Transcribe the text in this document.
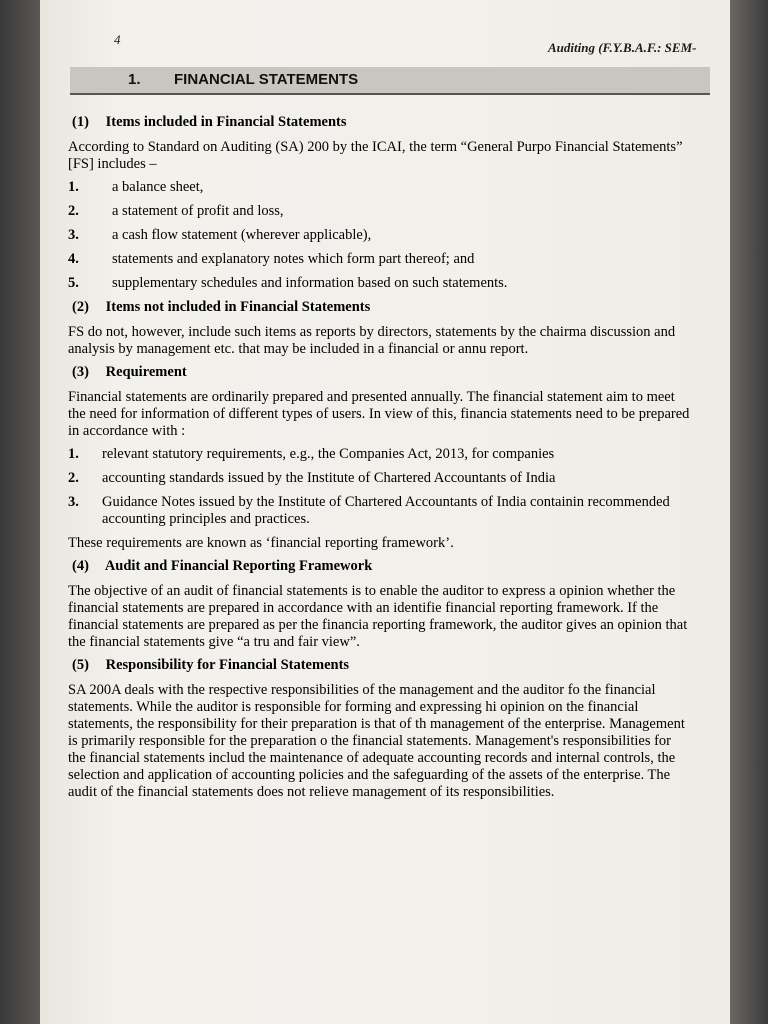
4
Auditing (F.Y.B.A.F.: SEM-
1. FINANCIAL STATEMENTS
(1) Items included in Financial Statements

According to Standard on Auditing (SA) 200 by the ICAI, the term “General Purpo Financial Statements” [FS] includes –

1. a balance sheet,
2. a statement of profit and loss,
3. a cash flow statement (wherever applicable),
4. statements and explanatory notes which form part thereof; and
5. supplementary schedules and information based on such statements.
(2) Items not included in Financial Statements

FS do not, however, include such items as reports by directors, statements by the chairma discussion and analysis by management etc. that may be included in a financial or annu report.

(3) Requirement

Financial statements are ordinarily prepared and presented annually. The financial statement aim to meet the need for information of different types of users. In view of this, financia statements need to be prepared in accordance with :

1. relevant statutory requirements, e.g., the Companies Act, 2013, for companies
2. accounting standards issued by the Institute of Chartered Accountants of India
3. Guidance Notes issued by the Institute of Chartered Accountants of India containin recommended accounting principles and practices.

These requirements are known as ‘financial reporting framework’.

(4) Audit and Financial Reporting Framework

The objective of an audit of financial statements is to enable the auditor to express a opinion whether the financial statements are prepared in accordance with an identifie financial reporting framework. If the financial statements are prepared as per the financia reporting framework, the auditor gives an opinion that the financial statements give “a tru and fair view”.

(5) Responsibility for Financial Statements

SA 200A deals with the respective responsibilities of the management and the auditor fo the financial statements. While the auditor is responsible for forming and expressing hi opinion on the financial statements, the responsibility for their preparation is that of th management of the enterprise. Management is primarily responsible for the preparation o the financial statements. Management's responsibilities for the financial statements includ the maintenance of adequate accounting records and internal controls, the selection and application of accounting policies and the safeguarding of the assets of the enterprise. The audit of the financial statements does not relieve management of its responsibilities.
